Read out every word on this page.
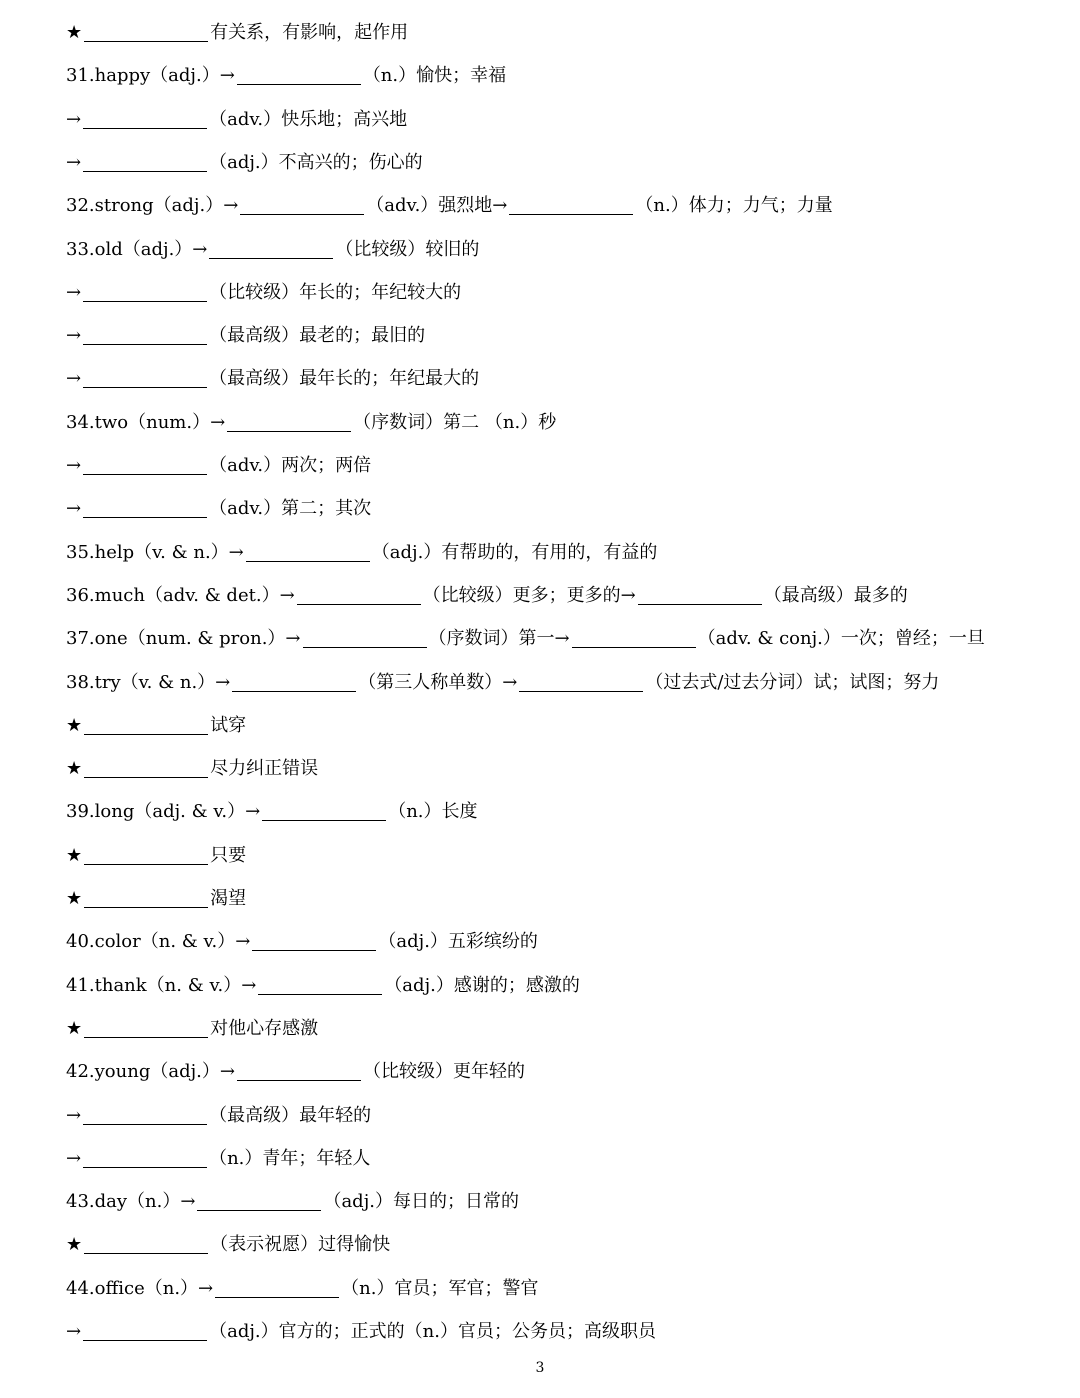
★	有关系，有影响，起作用
31.happy（adj.）→	（n.）愉快；幸福
→	（adv.）快乐地；高兴地
→	（adj.）不高兴的；伤心的
32.strong（adj.）→	（adv.）强烈地→	（n.）体力；力气；力量
33.old（adj.）→	（比较级）较旧的
→	（比较级）年长的；年纪较大的
→	（最高级）最老的；最旧的
→	（最高级）最年长的；年纪最大的
34.two（num.）→	（序数词）第二 （n.）秒
→	（adv.）两次；两倍
→	（adv.）第二；其次
35.help（v. & n.）→	（adj.）有帮助的，有用的，有益的
36.much（adv. & det.）→	（比较级）更多；更多的→	（最高级）最多的
37.one（num. & pron.）→	（序数词）第一→	（adv. & conj.）一次；曾经；一旦
38.try（v. & n.）→	（第三人称单数）→	（过去式/过去分词）试；试图；努力
★	试穿
★	尽力纠正错误
39.long（adj. & v.）→	（n.）长度
★	只要
★	渴望
40.color（n. & v.）→	（adj.）五彩缤纷的
41.thank（n. & v.）→	（adj.）感谢的；感激的
★	对他心存感激
42.young（adj.）→	（比较级）更年轻的
→	（最高级）最年轻的
→	（n.）青年；年轻人
43.day（n.）→	（adj.）每日的；日常的
★	（表示祝愿）过得愉快
44.office（n.）→	（n.）官员；军官；警官
→	（adj.）官方的；正式的（n.）官员；公务员；高级职员
3
